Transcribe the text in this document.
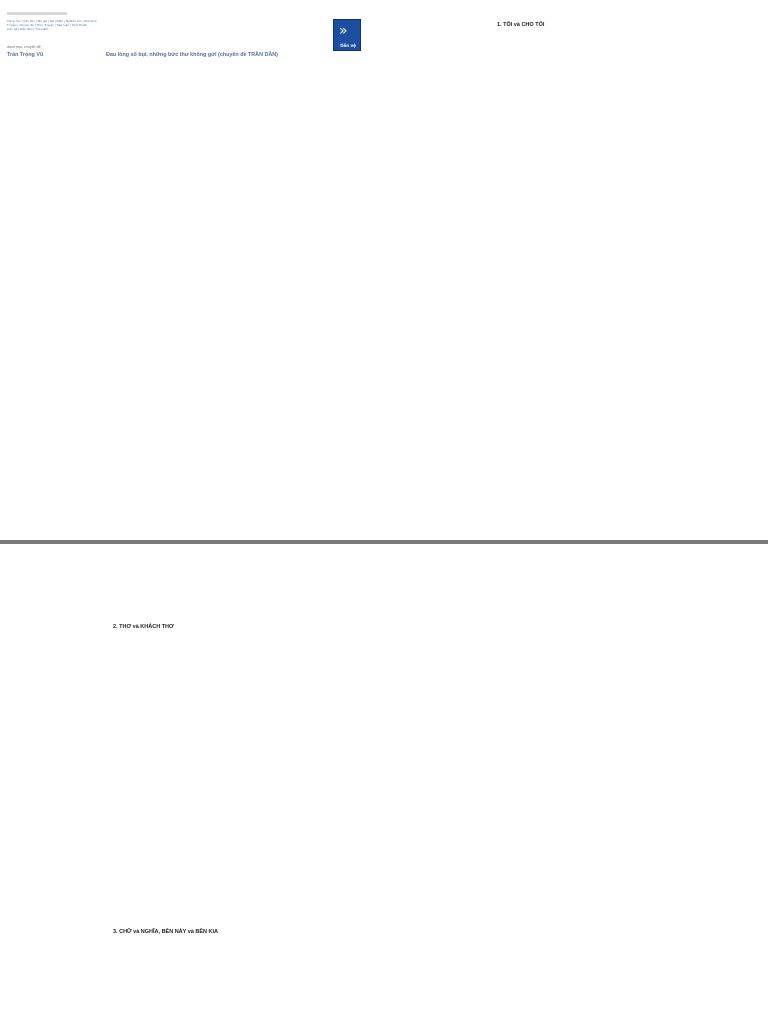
Trang chủ | Văn học | Tác giả | Tác phẩm | Nghiên cứu | Phê bình
Tư liệu | chuyên đề | Thơ | Truyện | Tiểu luận | Dịch thuật
Liên hệ | Diễn đàn | Tìm kiếm	»
tiền vệ
danh mục chuyên đề
Trần Trọng Vũ	Đau lòng sổ bụi, những bức thư không gửi (chuyên đề TRẦN DẦN)
1. TÔI và CHO TÔI
2. THƠ và KHÁCH THƠ
3. CHỮ và NGHĨA, BÊN NÀY và BÊN KIA
